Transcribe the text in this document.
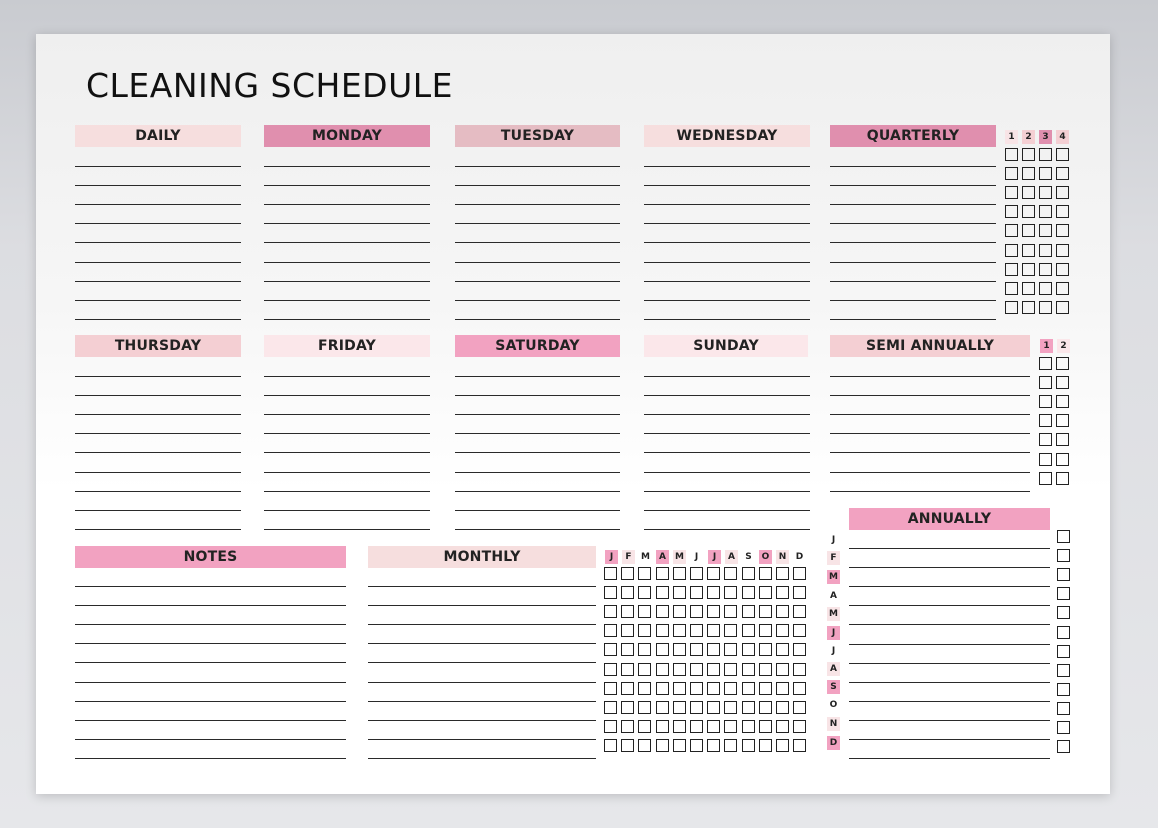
CLEANING SCHEDULE
DAILY	MONDAY	TUESDAY	WEDNESDAY	QUARTERLY
THURSDAY	FRIDAY	SATURDAY	SUNDAY	SEMI ANNUALLY
ANNUALLY
NOTES	MONTHLY
1	2	3	4
1	2
J	F	M	A	M	J	J	A	S	O	N	D
J
F
M
A
M
J
J
A
S
O
N
D
